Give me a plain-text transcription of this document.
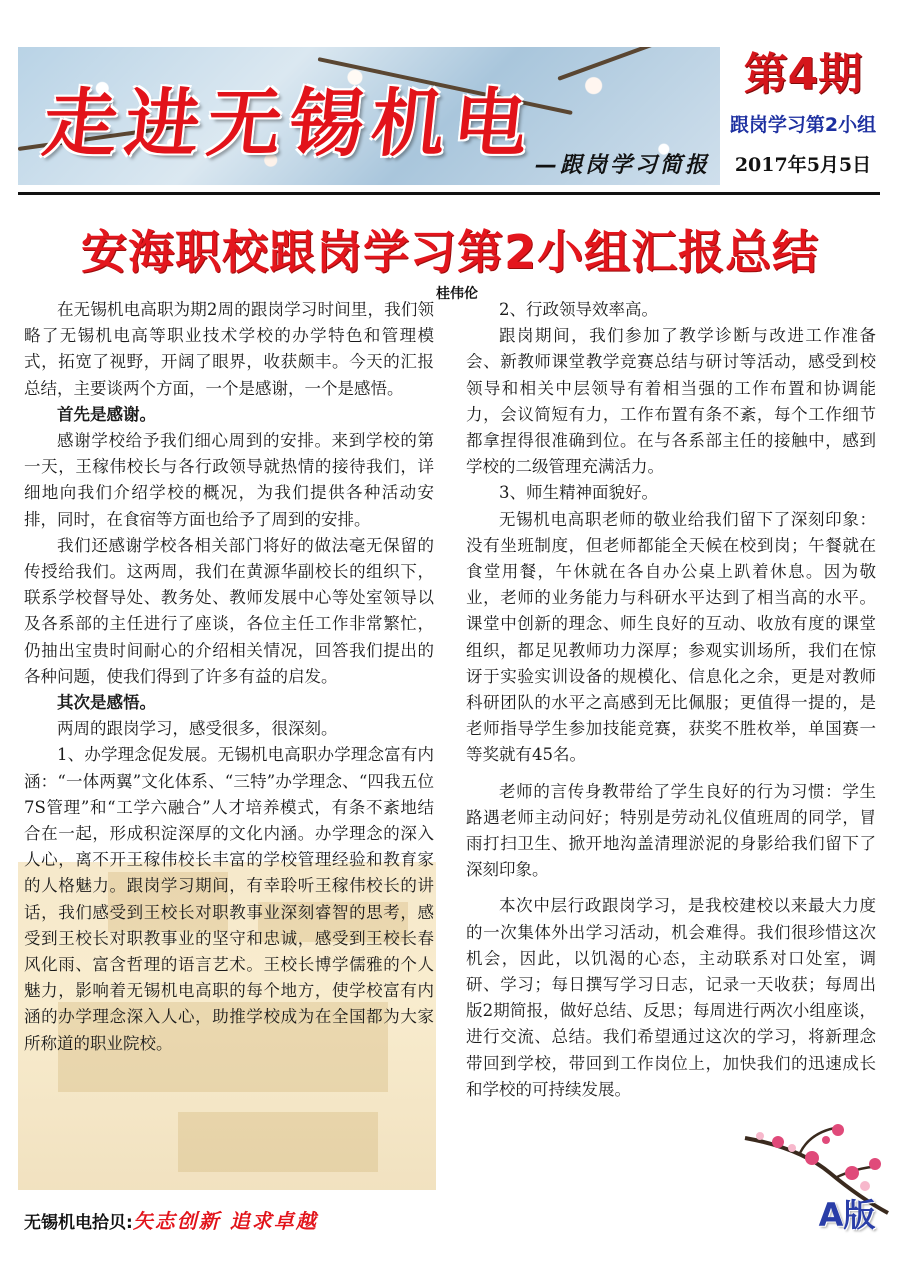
走进无锡机电
—跟岗学习简报
第4期
跟岗学习第2小组
2017年5月5日
安海职校跟岗学习第2小组汇报总结
桂伟伦

在无锡机电高职为期2周的跟岗学习时间里，我们领略了无锡机电高等职业技术学校的办学特色和管理模式，拓宽了视野，开阔了眼界，收获颇丰。今天的汇报总结，主要谈两个方面，一个是感谢，一个是感悟。

首先是感谢。

感谢学校给予我们细心周到的安排。来到学校的第一天，王稼伟校长与各行政领导就热情的接待我们，详细地向我们介绍学校的概况，为我们提供各种活动安排，同时，在食宿等方面也给予了周到的安排。

我们还感谢学校各相关部门将好的做法毫无保留的传授给我们。这两周，我们在黄源华副校长的组织下，联系学校督导处、教务处、教师发展中心等处室领导以及各系部的主任进行了座谈，各位主任工作非常繁忙，仍抽出宝贵时间耐心的介绍相关情况，回答我们提出的各种问题，使我们得到了许多有益的启发。

其次是感悟。

两周的跟岗学习，感受很多，很深刻。

1、办学理念促发展。无锡机电高职办学理念富有内涵：“一体两翼”文化体系、“三特”办学理念、“四我五位7S管理”和“工学六融合”人才培养模式，有条不紊地结合在一起，形成积淀深厚的文化内涵。办学理念的深入人心，离不开王稼伟校长丰富的学校管理经验和教育家的人格魅力。跟岗学习期间，有幸聆听王稼伟校长的讲话，我们感受到王校长对职教事业深刻睿智的思考，感受到王校长对职教事业的坚守和忠诚，感受到王校长春风化雨、富含哲理的语言艺术。王校长博学儒雅的个人魅力，影响着无锡机电高职的每个地方，使学校富有内涵的办学理念深入人心，助推学校成为在全国都为大家所称道的职业院校。

2、行政领导效率高。

跟岗期间，我们参加了教学诊断与改进工作准备会、新教师课堂教学竞赛总结与研讨等活动，感受到校领导和相关中层领导有着相当强的工作布置和协调能力，会议简短有力，工作布置有条不紊，每个工作细节都拿捏得很准确到位。在与各系部主任的接触中，感到学校的二级管理充满活力。

3、师生精神面貌好。

无锡机电高职老师的敬业给我们留下了深刻印象：没有坐班制度，但老师都能全天候在校到岗；午餐就在食堂用餐，午休就在各自办公桌上趴着休息。因为敬业，老师的业务能力与科研水平达到了相当高的水平。课堂中创新的理念、师生良好的互动、收放有度的课堂组织，都足见教师功力深厚；参观实训场所，我们在惊讶于实验实训设备的规模化、信息化之余，更是对教师科研团队的水平之高感到无比佩服；更值得一提的，是老师指导学生参加技能竞赛，获奖不胜枚举，单国赛一等奖就有45名。

老师的言传身教带给了学生良好的行为习惯：学生路遇老师主动问好；特别是劳动礼仪值班周的同学，冒雨打扫卫生、掀开地沟盖清理淤泥的身影给我们留下了深刻印象。

本次中层行政跟岗学习，是我校建校以来最大力度的一次集体外出学习活动，机会难得。我们很珍惜这次机会，因此，以饥渴的心态，主动联系对口处室，调研、学习；每日撰写学习日志，记录一天收获；每周出版2期简报，做好总结、反思；每周进行两次小组座谈，进行交流、总结。我们希望通过这次的学习，将新理念带回到学校，带回到工作岗位上，加快我们的迅速成长和学校的可持续发展。

无锡机电拾贝:矢志创新 追求卓越	A版
